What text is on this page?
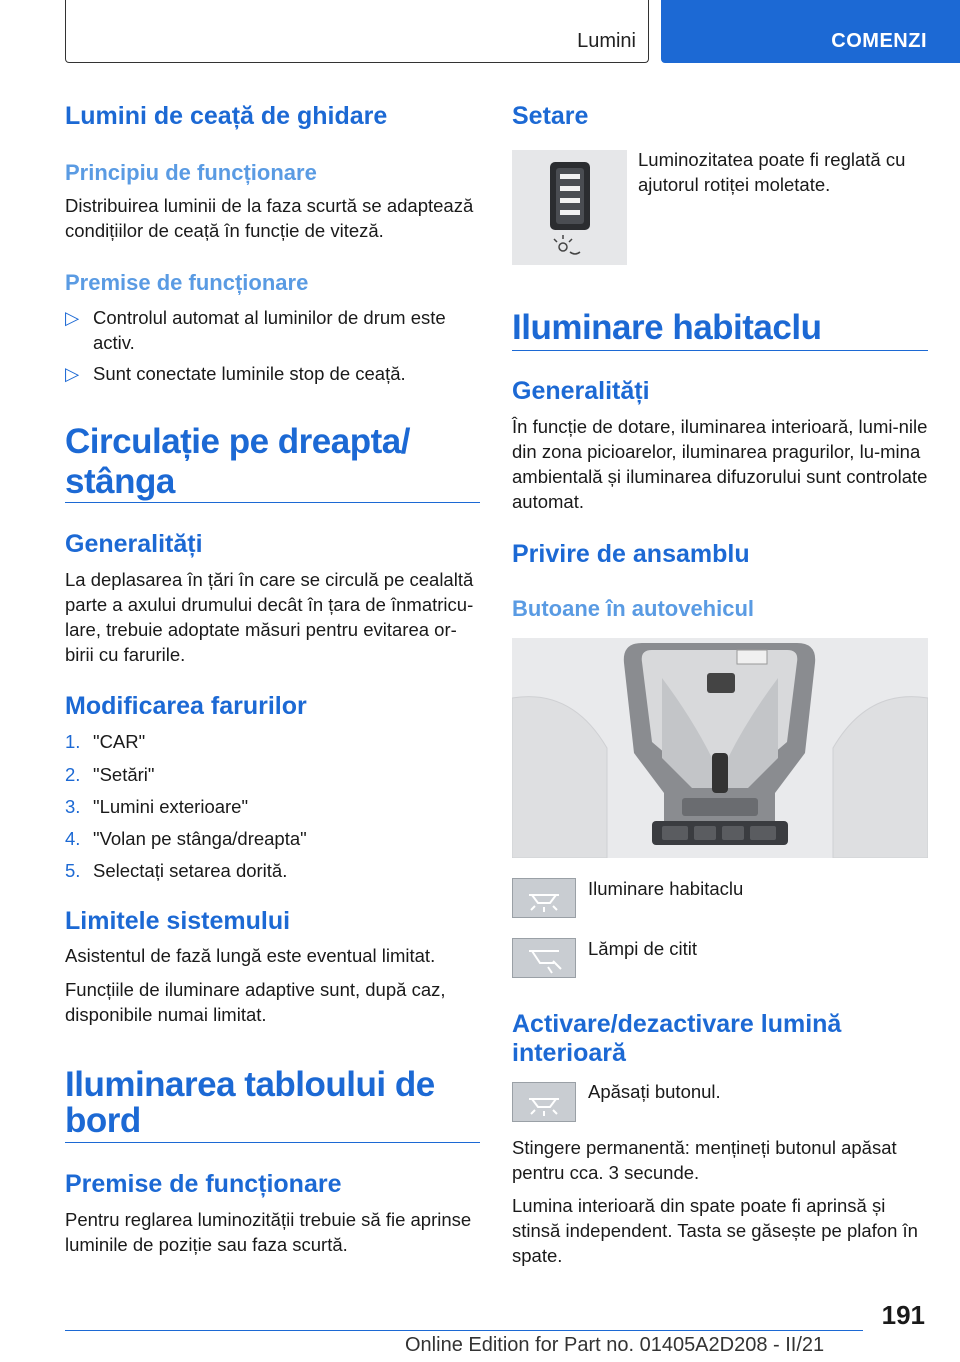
Lumini	COMENZI
Lumini de ceață de ghidare
Principiu de funcționare
Distribuirea luminii de la faza scurtă se adaptează condițiilor de ceață în funcție de viteză.
Premise de funcționare
▷ Controlul automat al luminilor de drum este activ.
▷ Sunt conectate luminile stop de ceață.
Circulație pe dreapta/
stânga
Generalități
La deplasarea în țări în care se circulă pe cealaltă parte a axului drumului decât în țara de înmatricu-lare, trebuie adoptate măsuri pentru evitarea or-birii cu farurile.
Modificarea farurilor
1. "CAR"
2. "Setări"
3. "Lumini exterioare"
4. "Volan pe stânga/dreapta"
5. Selectați setarea dorită.
Limitele sistemului
Asistentul de fază lungă este eventual limitat.
Funcțiile de iluminare adaptive sunt, după caz, disponibile numai limitat.
Iluminarea tabloului de
bord
Premise de funcționare
Pentru reglarea luminozității trebuie să fie aprinse luminile de poziție sau faza scurtă.
Setare
Luminozitatea poate fi reglată cu ajutorul rotiței moletate.
Iluminare habitaclu
Generalități
În funcție de dotare, iluminarea interioară, lumi-nile din zona picioarelor, iluminarea pragurilor, lu-mina ambientală și iluminarea difuzorului sunt controlate automat.
Privire de ansamblu
Butoane în autovehicul
Iluminare habitaclu
Lămpi de citit
Activare/dezactivare lumină
interioară
Apăsați butonul.
Stingere permanentă: mențineți butonul apăsat pentru cca. 3 secunde.
Lumina interioară din spate poate fi aprinsă și stinsă independent. Tasta se găsește pe plafon în spate.
191
Online Edition for Part no. 01405A2D208 - II/21
